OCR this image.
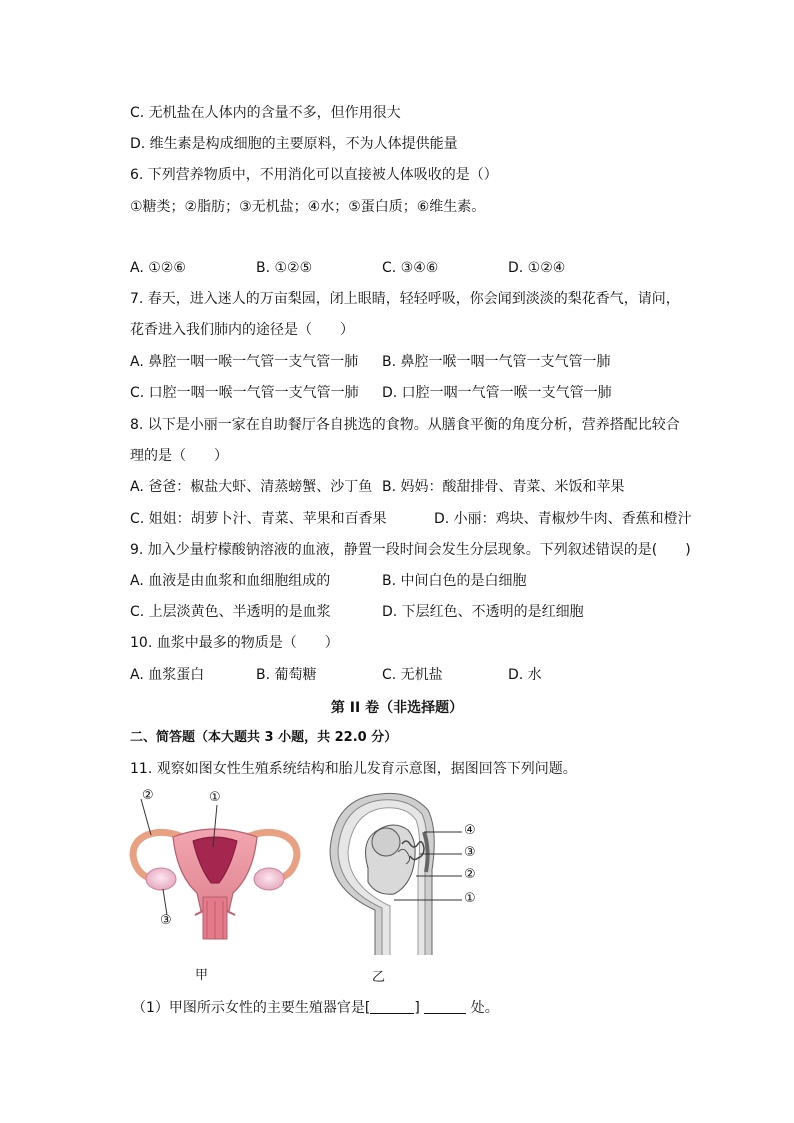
C. 无机盐在人体内的含量不多，但作用很大
D. 维生素是构成细胞的主要原料，不为人体提供能量
6. 下列营养物质中，不用消化可以直接被人体吸收的是（）
①糖类；②脂肪；③无机盐；④水；⑤蛋白质；⑥维生素。
A. ①②⑥	B. ①②⑤	C. ③④⑥	D. ①②④
7. 春天，进入迷人的万亩梨园，闭上眼睛，轻轻呼吸，你会闻到淡淡的梨花香气，请问，
花香进入我们肺内的途径是（　　）
A. 鼻腔一咽一喉一气管一支气管一肺 B. 鼻腔一喉一咽一气管一支气管一肺
C. 口腔一咽一喉一气管一支气管一肺 D. 口腔一咽一气管一喉一支气管一肺
8. 以下是小丽一家在自助餐厅各自挑选的食物。从膳食平衡的角度分析，营养搭配比较合
理的是（　　）
A. 爸爸：椒盐大虾、清蒸螃蟹、沙丁鱼 B. 妈妈：酸甜排骨、青菜、米饭和苹果
C. 姐姐：胡萝卜汁、青菜、苹果和百香果	D. 小丽：鸡块、青椒炒牛肉、香蕉和橙汁
9. 加入少量柠檬酸钠溶液的血液，静置一段时间会发生分层现象。下列叙述错误的是(　　)
A. 血液是由血浆和血细胞组成的	B. 中间白色的是白细胞
C. 上层淡黄色、半透明的是血浆	D. 下层红色、不透明的是红细胞
10. 血浆中最多的物质是（　　）
A. 血浆蛋白	B. 葡萄糖	C. 无机盐	D. 水
第 II 卷（非选择题）
二、简答题（本大题共 3 小题，共 22.0 分）
11. 观察如图女性生殖系统结构和胎儿发育示意图，据图回答下列问题。
②	①
③
甲
④
③
②
①
乙
（1）甲图所示女性的主要生殖器官是[	]	处。
